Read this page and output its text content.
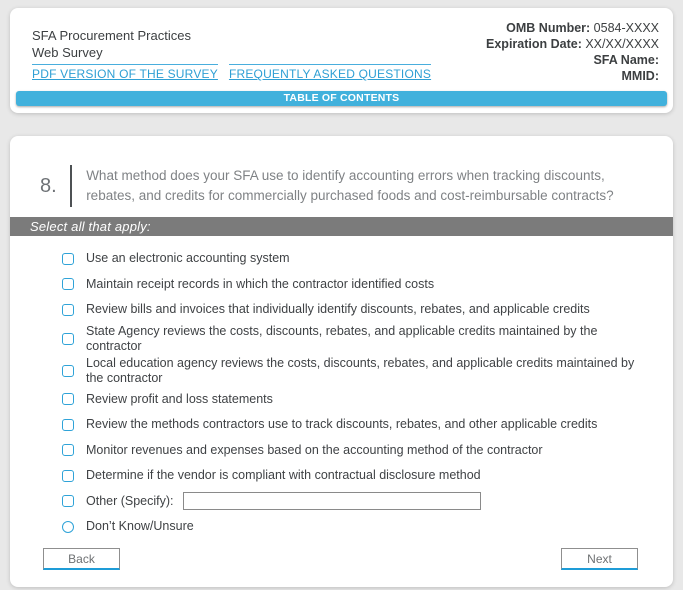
SFA Procurement Practices
Web Survey
PDF VERSION OF THE SURVEY FREQUENTLY ASKED QUESTIONS
OMB Number: 0584-XXXX
Expiration Date: XX/XX/XXXX
SFA Name:
MMID:
TABLE OF CONTENTS
8. What method does your SFA use to identify accounting errors when tracking discounts, rebates, and credits for commercially purchased foods and cost-reimbursable contracts?
Select all that apply:
Use an electronic accounting system
Maintain receipt records in which the contractor identified costs
Review bills and invoices that individually identify discounts, rebates, and applicable credits
State Agency reviews the costs, discounts, rebates, and applicable credits maintained by the contractor
Local education agency reviews the costs, discounts, rebates, and applicable credits maintained by the contractor
Review profit and loss statements
Review the methods contractors use to track discounts, rebates, and other applicable credits
Monitor revenues and expenses based on the accounting method of the contractor
Determine if the vendor is compliant with contractual disclosure method
Other (Specify):
Don’t Know/Unsure
Back	Next
